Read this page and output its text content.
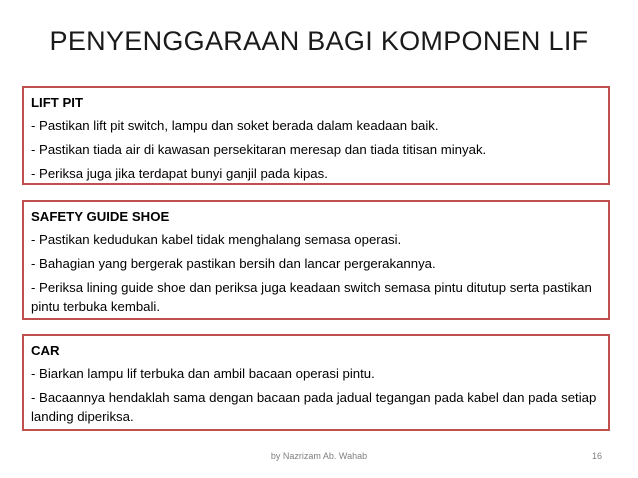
PENYENGGARAAN BAGI KOMPONEN LIF
LIFT PIT
- Pastikan lift pit switch, lampu dan soket berada dalam keadaan baik.
- Pastikan tiada air di kawasan persekitaran meresap dan tiada titisan minyak.
- Periksa juga jika terdapat bunyi ganjil pada kipas.
SAFETY GUIDE SHOE
- Pastikan kedudukan kabel tidak menghalang semasa operasi.
- Bahagian yang bergerak pastikan bersih dan lancar pergerakannya.
- Periksa lining guide shoe dan periksa juga keadaan switch semasa pintu ditutup serta pastikan pintu terbuka kembali.
CAR
- Biarkan lampu lif terbuka dan ambil bacaan operasi pintu.
- Bacaannya hendaklah sama dengan bacaan pada jadual tegangan pada kabel dan pada setiap landing diperiksa.
by Nazrizam Ab. Wahab	16
